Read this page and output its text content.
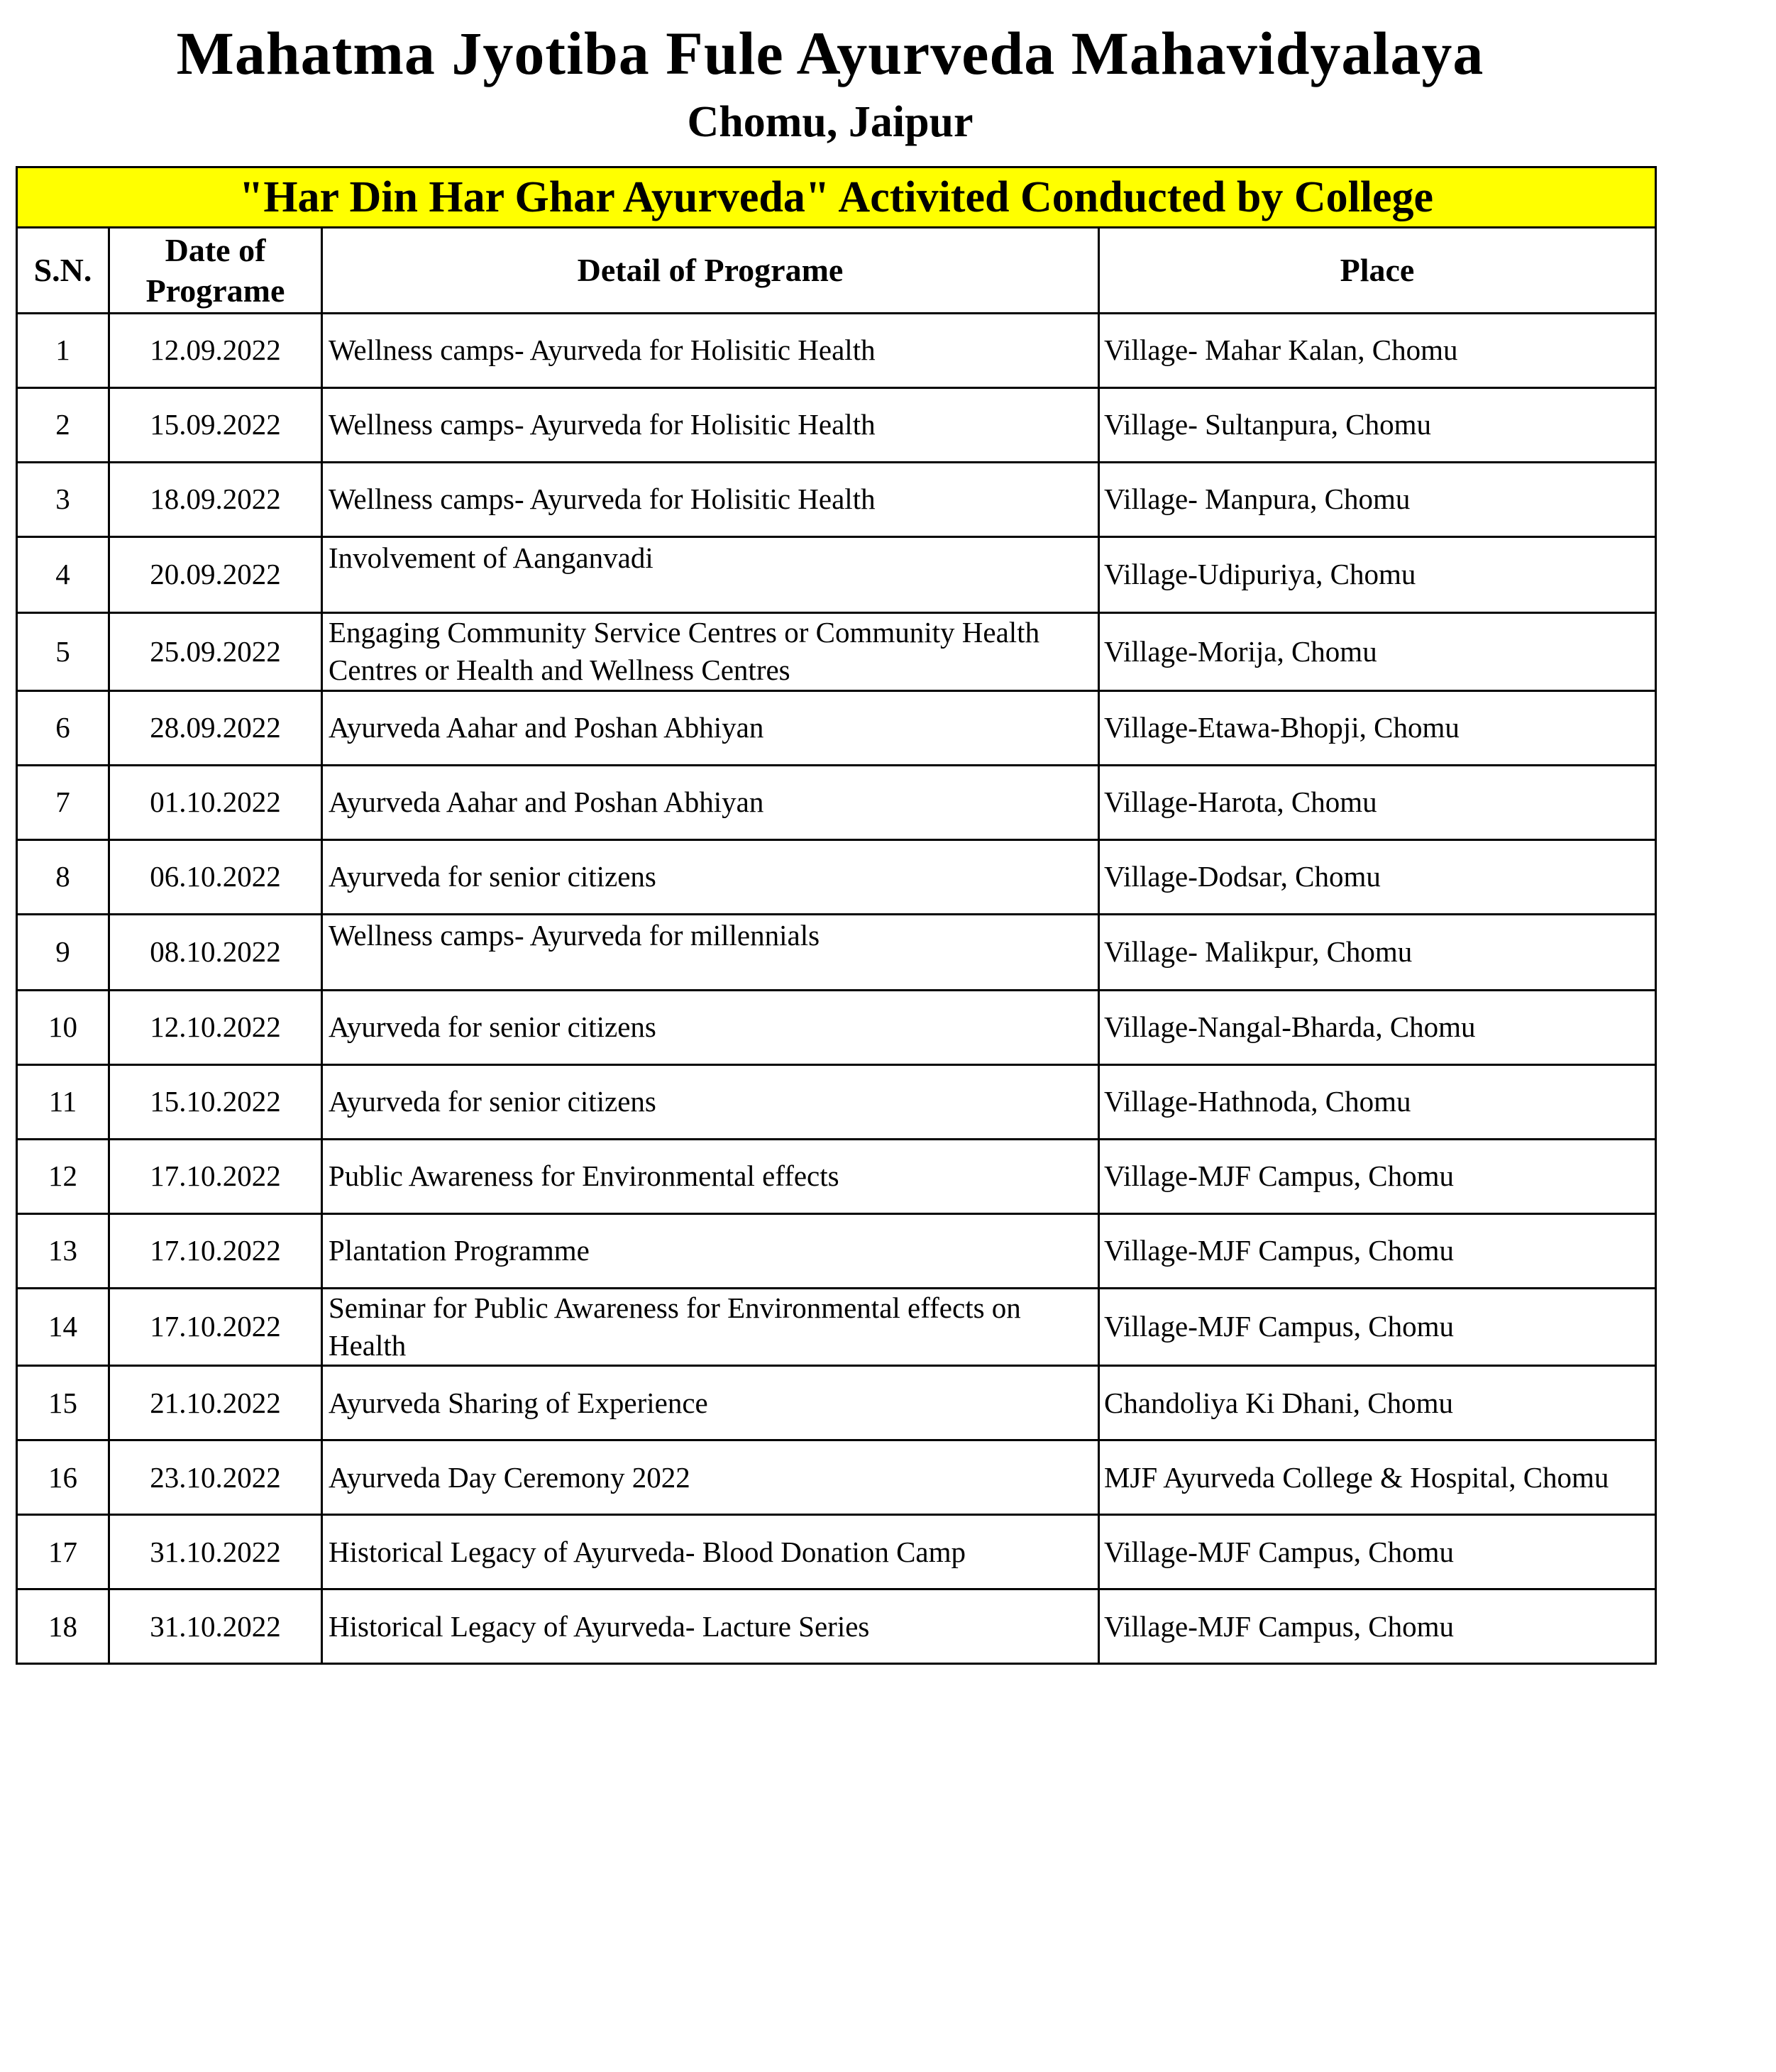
Mahatma Jyotiba Fule Ayurveda Mahavidyalaya
Chomu, Jaipur
"Har Din Har Ghar Ayurveda" Activited Conducted by College			
S.N.	Date of Programe	Detail of Programe	Place
1	12.09.2022	Wellness camps- Ayurveda for Holisitic Health	Village- Mahar Kalan, Chomu
2	15.09.2022	Wellness camps- Ayurveda for Holisitic Health	Village- Sultanpura, Chomu
3	18.09.2022	Wellness camps- Ayurveda for Holisitic Health	Village- Manpura, Chomu
4	20.09.2022	Involvement of Aanganvadi	Village-Udipuriya, Chomu
5	25.09.2022	Engaging Community Service Centres or Community Health Centres or Health and Wellness Centres	Village-Morija, Chomu
6	28.09.2022	Ayurveda Aahar and Poshan Abhiyan	Village-Etawa-Bhopji, Chomu
7	01.10.2022	Ayurveda Aahar and Poshan Abhiyan	Village-Harota, Chomu
8	06.10.2022	Ayurveda for senior citizens	Village-Dodsar, Chomu
9	08.10.2022	Wellness camps- Ayurveda for millennials	Village- Malikpur, Chomu
10	12.10.2022	Ayurveda for senior citizens	Village-Nangal-Bharda, Chomu
11	15.10.2022	Ayurveda for senior citizens	Village-Hathnoda, Chomu
12	17.10.2022	Public Awareness for Environmental effects	Village-MJF Campus, Chomu
13	17.10.2022	Plantation Programme	Village-MJF Campus, Chomu
14	17.10.2022	Seminar for Public Awareness for Environmental effects on Health	Village-MJF Campus, Chomu
15	21.10.2022	Ayurveda Sharing of Experience	Chandoliya Ki Dhani, Chomu
16	23.10.2022	Ayurveda Day Ceremony 2022	MJF Ayurveda College & Hospital, Chomu
17	31.10.2022	Historical Legacy of Ayurveda- Blood Donation Camp	Village-MJF Campus, Chomu
18	31.10.2022	Historical Legacy of Ayurveda- Lacture Series	Village-MJF Campus, Chomu
